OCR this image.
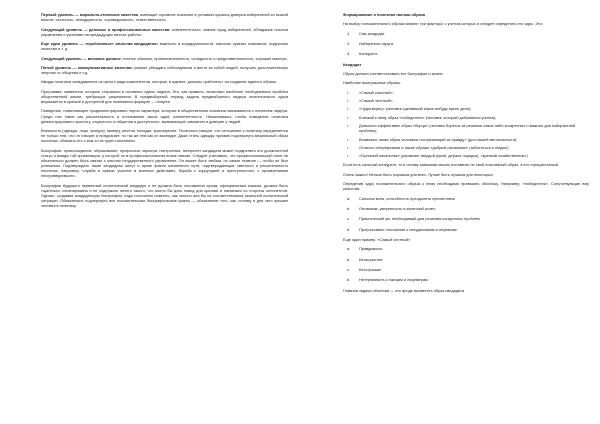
Первый уровень — морально-этические качества, имеющие огромное значение в условиях кризиса доверия избирателей ко всякой власти: честность, неподкупность, справедливость, ответственность.

Следующий уровень — деловые и профессиональные качества: компетентность: знание нужд избирателей, обладание опытом управления и успехами на предыдущих местах работы.

Еще один уровень — «проблемные» качества кандидатов: важность в коридоральности, наличие нужных знакомств, лидерские качества и т. д.

Следующий уровень — внешние данные: личное обаяние, привлекательность, солидность и представительность, хорошие манеры.

Пятый уровень — коммуникативные качества: умение убеждать собеседников и вести за собой людей, получать дополнительную энергию от общения и т.д.

Имидж политика складывается из целого ряда компонентов, которые, в идеале, должны «работать» на создание единого образа.

Программа, заявления, которые стараются в основных идеях лидера. Это, как правило, несколько наиболее злободневных проблем общественной жизни, требующих разрешения. В предвыборный период задача предвыборного лидера политического курса выражается в краткой и доступной для понимания формуле — лозунге.

Поведение, позволяющее продемонстрировать черты характера, которые в общественном сознании связываются с понятием лидера. Среди них такие как решительность и отстаивание своих идей, компетентность. Немаловажно, чтобы поведение политика демонстрировало простоту, открытость в общении и доступность, вызывающие симпатию и доверие у людей.

Внешность (одежда, лицо, фигура), манеру, жестов, походки, красноречие. Психологи говорят, что отношение к политику определяется не только тем, что он говорит и предлагает, но так же тем как он выглядит. Даже стиль одежды призван подчеркнуть визуальный образ политика, сблизить его с кем-то из групп населения.

Биография: происхождение, образование, профессия, карьера, настроения. Авторитет кандидата может подкрепить его должностной статус и имидж той организации, у которой он в профессиональном плане связан. Следует учитывать, что профессиональный опыт не обязательно должен быть связан с опытом государственного управления. Он может быть любым, но самое главное — чтобы он был успешным. Подтверждать такие кандидаты могут и яркие факты жизненного пути, подтверждающие смелость и решительность политика, например, служба в армии, участие в военных действиях, борьба с коррупцией и преступностью, с проявлениями несправедливости.

Биография будущего первичный политический кандидат и не должна быть составлена сухим, официальным языком, должна быть тщательно спланирована и не содержать ничего такого, что могло бы дать повод для критики и насмешек со стороны оппонентов. Однако, создавая кандидатскую биографию, надо постоянно помнить, как сильно она бы не соответствовала реальной политической ситуации. Обязательно подчеркнуть все положительные биографические факты — объяснение того, как, почему и для чего пришел человек в политику.

Формирование и полезная тактика образа

На выбор положительного образа влияют три фактора; с учетом которых и следует определять его ядро. Это:

1. Сам кандидат.
2. Избиратели округа.
3. Конкурент.

Кандидат

Образ должен соответствовать его биографии и жизни.

Наиболее выигрышные образы:

•	«Самый сильный»;
•	«Самый честный»;
•	«Чудотворец» (человек сделавший какое-нибудь яркое дело);
•	Близкий к нему образ «победителя» (человек, который добивается успеха);
•	Довольно эффективен образ «борца» (человек борется за решение каких-либо конкретных и важных для избирателей проблем);
•	Возможен также образ человека «погрязающий за правду» (для нашей ментальности);
•	Отлично популярными и также образы «добрый начальник» (заботиться о людях);
•	«Орлиный начальник» (управлял твердой рукой, держит порядок), «крепкий хозяйственник»)

Если есть сильный конкурент, то в основу кампании можно поставить не свой позитивный образ, а его отрицательный.

Очень важно! Нельзя быть хорошим для всех. Лучше быть лучшим для некоторых

Определив ядро положительного образа к нему необходимо привязать оболочку. Например, «победитель». Сопутствующие ему качества:

a. Сильная воля, способность преодолеть препятствия
b. Оптимизм, уверенность в конечный успех;
c. Практический ум, необходимый для решения конкретных проблем
d. Прогрессивно отношение к нехудачникам и неумехам

Еще один пример. «Самый честный»

a. Правдивость
b. Бескорыстие
c. Бесстрашие
d. Нетерпимость к лжецам и лицемерам

Главная задача оболочки — это вроде высветить образ кандидата
